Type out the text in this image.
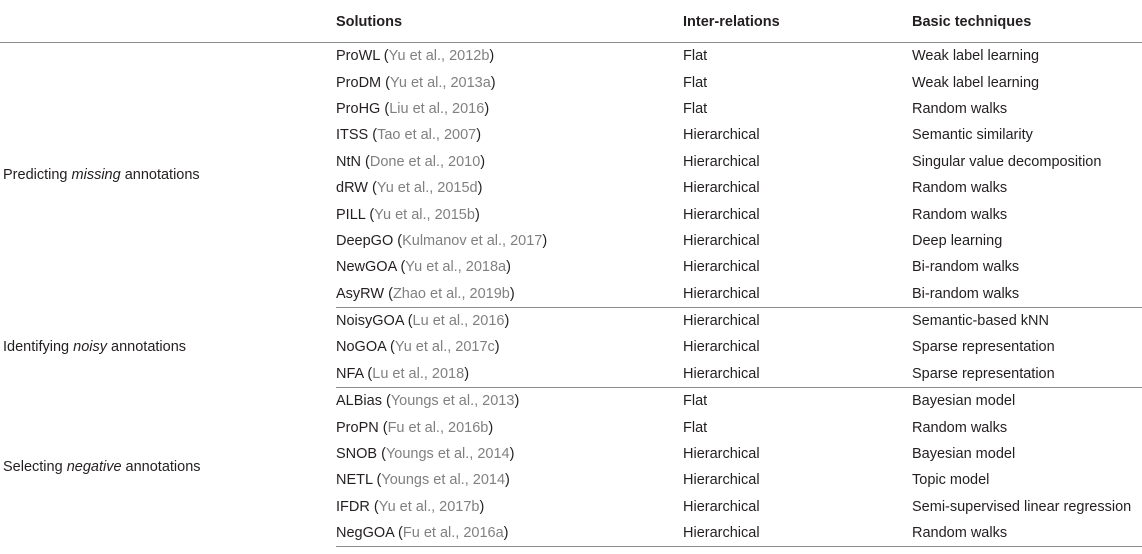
	Solutions	Inter-relations	Basic techniques
Predicting missing annotations	ProWL (Yu et al., 2012b)	Flat	Weak label learning
	ProDM (Yu et al., 2013a)	Flat	Weak label learning
	ProHG (Liu et al., 2016)	Flat	Random walks
	ITSS (Tao et al., 2007)	Hierarchical	Semantic similarity
	NtN (Done et al., 2010)	Hierarchical	Singular value decomposition
	dRW (Yu et al., 2015d)	Hierarchical	Random walks
	PILL (Yu et al., 2015b)	Hierarchical	Random walks
	DeepGO (Kulmanov et al., 2017)	Hierarchical	Deep learning
	NewGOA (Yu et al., 2018a)	Hierarchical	Bi-random walks
	AsyRW (Zhao et al., 2019b)	Hierarchical	Bi-random walks
Identifying noisy annotations	NoisyGOA (Lu et al., 2016)	Hierarchical	Semantic-based kNN
	NoGOA (Yu et al., 2017c)	Hierarchical	Sparse representation
	NFA (Lu et al., 2018)	Hierarchical	Sparse representation
Selecting negative annotations	ALBias (Youngs et al., 2013)	Flat	Bayesian model
	ProPN (Fu et al., 2016b)	Flat	Random walks
	SNOB (Youngs et al., 2014)	Hierarchical	Bayesian model
	NETL (Youngs et al., 2014)	Hierarchical	Topic model
	IFDR (Yu et al., 2017b)	Hierarchical	Semi-supervised linear regression
	NegGOA (Fu et al., 2016a)	Hierarchical	Random walks
